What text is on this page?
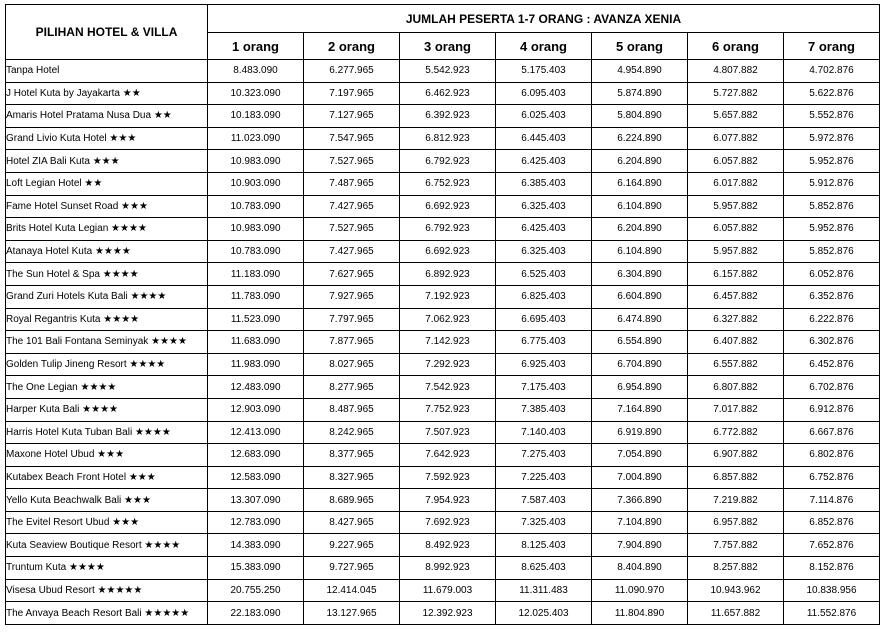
PILIHAN HOTEL & VILLA	JUMLAH PESERTA 1-7 ORANG : AVANZA XENIA						
	1 orang	2 orang	3 orang	4 orang	5 orang	6 orang	7 orang
Tanpa Hotel	8.483.090	6.277.965	5.542.923	5.175.403	4.954.890	4.807.882	4.702.876
J Hotel Kuta by Jayakarta ★★	10.323.090	7.197.965	6.462.923	6.095.403	5.874.890	5.727.882	5.622.876
Amaris Hotel Pratama Nusa Dua ★★	10.183.090	7.127.965	6.392.923	6.025.403	5.804.890	5.657.882	5.552.876
Grand Livio Kuta Hotel ★★★	11.023.090	7.547.965	6.812.923	6.445.403	6.224.890	6.077.882	5.972.876
Hotel ZIA Bali Kuta ★★★	10.983.090	7.527.965	6.792.923	6.425.403	6.204.890	6.057.882	5.952.876
Loft Legian Hotel ★★	10.903.090	7.487.965	6.752.923	6.385.403	6.164.890	6.017.882	5.912.876
Fame Hotel Sunset Road ★★★	10.783.090	7.427.965	6.692.923	6.325.403	6.104.890	5.957.882	5.852.876
Brits Hotel Kuta Legian ★★★★	10.983.090	7.527.965	6.792.923	6.425.403	6.204.890	6.057.882	5.952.876
Atanaya Hotel Kuta ★★★★	10.783.090	7.427.965	6.692.923	6.325.403	6.104.890	5.957.882	5.852.876
The Sun Hotel & Spa ★★★★	11.183.090	7.627.965	6.892.923	6.525.403	6.304.890	6.157.882	6.052.876
Grand Zuri Hotels Kuta Bali ★★★★	11.783.090	7.927.965	7.192.923	6.825.403	6.604.890	6.457.882	6.352.876
Royal Regantris Kuta ★★★★	11.523.090	7.797.965	7.062.923	6.695.403	6.474.890	6.327.882	6.222.876
The 101 Bali Fontana Seminyak ★★★★	11.683.090	7.877.965	7.142.923	6.775.403	6.554.890	6.407.882	6.302.876
Golden Tulip Jineng Resort ★★★★	11.983.090	8.027.965	7.292.923	6.925.403	6.704.890	6.557.882	6.452.876
The One Legian ★★★★	12.483.090	8.277.965	7.542.923	7.175.403	6.954.890	6.807.882	6.702.876
Harper Kuta Bali ★★★★	12.903.090	8.487.965	7.752.923	7.385.403	7.164.890	7.017.882	6.912.876
Harris Hotel Kuta Tuban Bali ★★★★	12.413.090	8.242.965	7.507.923	7.140.403	6.919.890	6.772.882	6.667.876
Maxone Hotel Ubud ★★★	12.683.090	8.377.965	7.642.923	7.275.403	7.054.890	6.907.882	6.802.876
Kutabex Beach Front Hotel ★★★	12.583.090	8.327.965	7.592.923	7.225.403	7.004.890	6.857.882	6.752.876
Yello Kuta Beachwalk Bali ★★★	13.307.090	8.689.965	7.954.923	7.587.403	7.366.890	7.219.882	7.114.876
The Evitel Resort Ubud ★★★	12.783.090	8.427.965	7.692.923	7.325.403	7.104.890	6.957.882	6.852.876
Kuta Seaview Boutique Resort ★★★★	14.383.090	9.227.965	8.492.923	8.125.403	7.904.890	7.757.882	7.652.876
Truntum Kuta ★★★★	15.383.090	9.727.965	8.992.923	8.625.403	8.404.890	8.257.882	8.152.876
Visesa Ubud Resort ★★★★★	20.755.250	12.414.045	11.679.003	11.311.483	11.090.970	10.943.962	10.838.956
The Anvaya Beach Resort Bali ★★★★★	22.183.090	13.127.965	12.392.923	12.025.403	11.804.890	11.657.882	11.552.876
